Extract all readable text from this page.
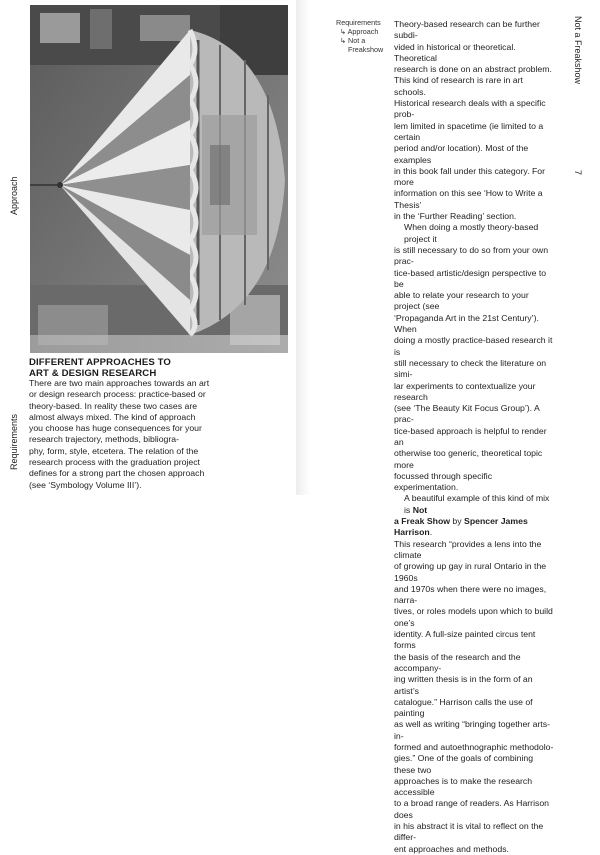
Approach
Requirements
DIFFERENT APPROACHES TO
ART & DESIGN RESEARCH
There are two main approaches towards an art
or design research process: practice-based or
theory-based. In reality these two cases are
almost always mixed. The kind of approach
you choose has huge consequences for your
research trajectory, methods, bibliogra-
phy, form, style, etcetera. The relation of the
research process with the graduation project
defines for a strong part the chosen approach
(see ‘Symbology Volume III’).
Requirements
↳ Approach
↳ Not a
Freakshow
Theory-based research can be further subdi-
vided in historical or theoretical. Theoretical
research is done on an abstract problem.
This kind of research is rare in art schools.
Historical research deals with a specific prob-
lem limited in spacetime (ie limited to a certain
period and/or location). Most of the examples
in this book fall under this category. For more
information on this see ‘How to Write a Thesis’
in the ‘Further Reading’ section.
When doing a mostly theory-based project it
is still necessary to do so from your own prac-
tice-based artistic/design perspective to be
able to relate your research to your project (see
‘Propaganda Art in the 21st Century’). When
doing a mostly practice-based research it is
still necessary to check the literature on simi-
lar experiments to contextualize your research
(see ‘The Beauty Kit Focus Group’). A prac-
tice-based approach is helpful to render an
otherwise too generic, theoretical topic more
focussed through specific experimentation.
A beautiful example of this kind of mix is Not
a Freak Show by Spencer James Harrison.
This research “provides a lens into the climate
of growing up gay in rural Ontario in the 1960s
and 1970s when there were no images, narra-
tives, or roles models upon which to build one’s
identity. A full-size painted circus tent forms
the basis of the research and the accompany-
ing written thesis is in the form of an artist’s
catalogue.” Harrison calls the use of painting
as well as writing “bringing together arts-in-
formed and autoethnographic methodolo-
gies.” One of the goals of combining these two
approaches is to make the research accessible
to a broad range of readers. As Harrison does
in his abstract it is vital to reflect on the differ-
ent approaches and methods.
Not a Freakshow
7
